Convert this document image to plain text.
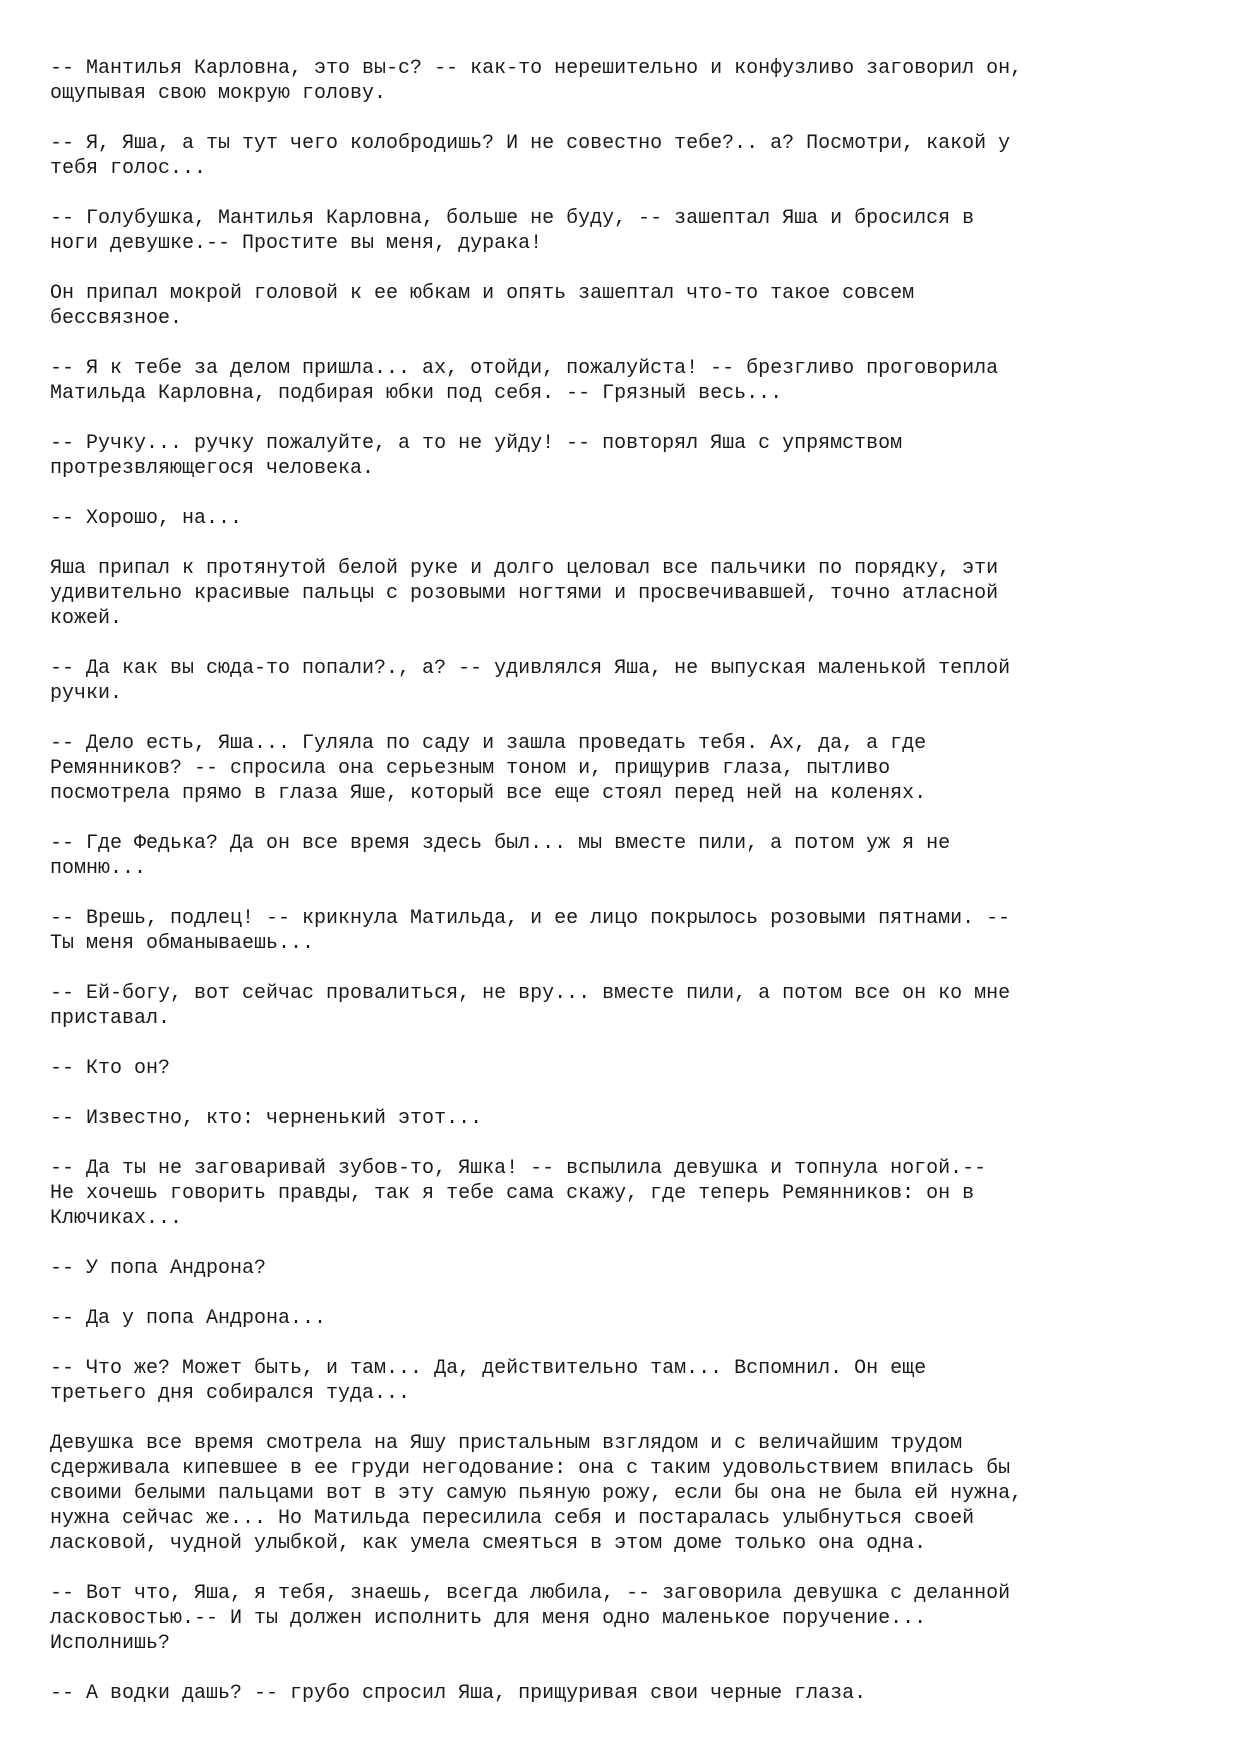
-- Мантилья Карловна, это вы-с? -- как-то нерешительно и конфузливо заговорил он,
ощупывая свою мокрую голову.

-- Я, Яша, а ты тут чего колобродишь? И не совестно тебе?.. а? Посмотри, какой у
тебя голос...

-- Голубушка, Мантилья Карловна, больше не буду, -- зашептал Яша и бросился в
ноги девушке.-- Простите вы меня, дурака!

Он припал мокрой головой к ее юбкам и опять зашептал что-то такое совсем
бессвязное.

-- Я к тебе за делом пришла... ах, отойди, пожалуйста! -- брезгливо проговорила
Матильда Карловна, подбирая юбки под себя. -- Грязный весь...

-- Ручку... ручку пожалуйте, а то не уйду! -- повторял Яша с упрямством
протрезвляющегося человека.

-- Хорошо, на...

Яша припал к протянутой белой руке и долго целовал все пальчики по порядку, эти
удивительно красивые пальцы с розовыми ногтями и просвечивавшей, точно атласной
кожей.

-- Да как вы сюда-то попали?., а? -- удивлялся Яша, не выпуская маленькой теплой
ручки.

-- Дело есть, Яша... Гуляла по саду и зашла проведать тебя. Ах, да, а где
Ремянников? -- спросила она серьезным тоном и, прищурив глаза, пытливо
посмотрела прямо в глаза Яше, который все еще стоял перед ней на коленях.

-- Где Федька? Да он все время здесь был... мы вместе пили, а потом уж я не
помню...

-- Врешь, подлец! -- крикнула Матильда, и ее лицо покрылось розовыми пятнами. --
Ты меня обманываешь...

-- Ей-богу, вот сейчас провалиться, не вру... вместе пили, а потом все он ко мне
приставал.

-- Кто он?

-- Известно, кто: черненький этот...

-- Да ты не заговаривай зубов-то, Яшка! -- вспылила девушка и топнула ногой.--
Не хочешь говорить правды, так я тебе сама скажу, где теперь Ремянников: он в
Ключиках...

-- У попа Андрона?

-- Да у попа Андрона...

-- Что же? Может быть, и там... Да, действительно там... Вспомнил. Он еще
третьего дня собирался туда...

Девушка все время смотрела на Яшу пристальным взглядом и с величайшим трудом
сдерживала кипевшее в ее груди негодование: она с таким удовольствием впилась бы
своими белыми пальцами вот в эту самую пьяную рожу, если бы она не была ей нужна,
нужна сейчас же... Но Матильда пересилила себя и постаралась улыбнуться своей
ласковой, чудной улыбкой, как умела смеяться в этом доме только она одна.

-- Вот что, Яша, я тебя, знаешь, всегда любила, -- заговорила девушка с деланной
ласковостью.-- И ты должен исполнить для меня одно маленькое поручение...
Исполнишь?

-- А водки дашь? -- грубо спросил Яша, прищуривая свои черные глаза.
